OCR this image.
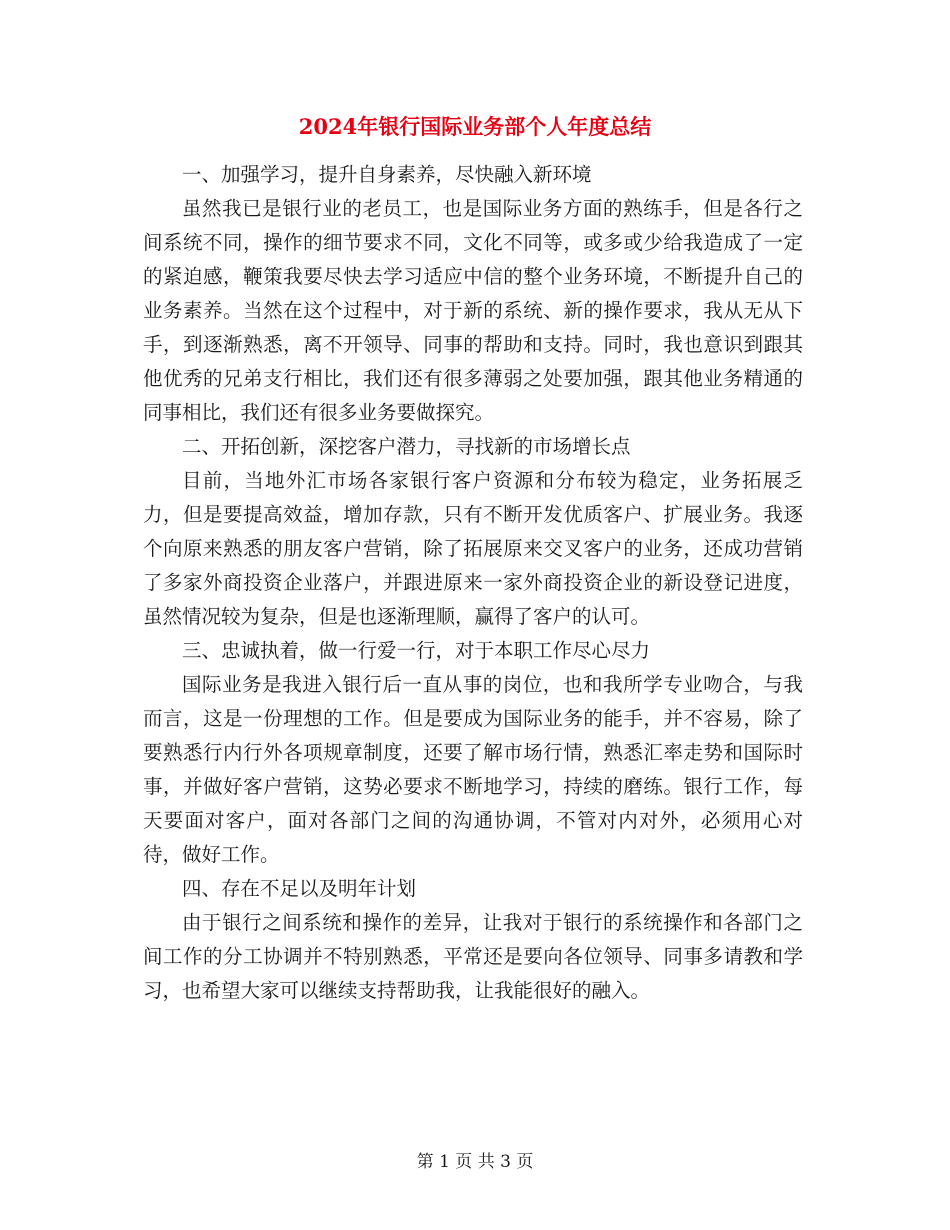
2024年银行国际业务部个人年度总结

一、加强学习，提升自身素养，尽快融入新环境

虽然我已是银行业的老员工，也是国际业务方面的熟练手，但是各行之间系统不同，操作的细节要求不同，文化不同等，或多或少给我造成了一定的紧迫感，鞭策我要尽快去学习适应中信的整个业务环境，不断提升自己的业务素养。当然在这个过程中，对于新的系统、新的操作要求，我从无从下手，到逐渐熟悉，离不开领导、同事的帮助和支持。同时，我也意识到跟其他优秀的兄弟支行相比，我们还有很多薄弱之处要加强，跟其他业务精通的同事相比，我们还有很多业务要做探究。

二、开拓创新，深挖客户潜力，寻找新的市场增长点

目前，当地外汇市场各家银行客户资源和分布较为稳定，业务拓展乏力，但是要提高效益，增加存款，只有不断开发优质客户、扩展业务。我逐个向原来熟悉的朋友客户营销，除了拓展原来交叉客户的业务，还成功营销了多家外商投资企业落户，并跟进原来一家外商投资企业的新设登记进度，虽然情况较为复杂，但是也逐渐理顺，赢得了客户的认可。

三、忠诚执着，做一行爱一行，对于本职工作尽心尽力

国际业务是我进入银行后一直从事的岗位，也和我所学专业吻合，与我而言，这是一份理想的工作。但是要成为国际业务的能手，并不容易，除了要熟悉行内行外各项规章制度，还要了解市场行情，熟悉汇率走势和国际时事，并做好客户营销，这势必要求不断地学习，持续的磨练。银行工作，每天要面对客户，面对各部门之间的沟通协调，不管对内对外，必须用心对待，做好工作。

四、存在不足以及明年计划

由于银行之间系统和操作的差异，让我对于银行的系统操作和各部门之间工作的分工协调并不特别熟悉，平常还是要向各位领导、同事多请教和学习，也希望大家可以继续支持帮助我，让我能很好的融入。

第 1 页 共 3 页
